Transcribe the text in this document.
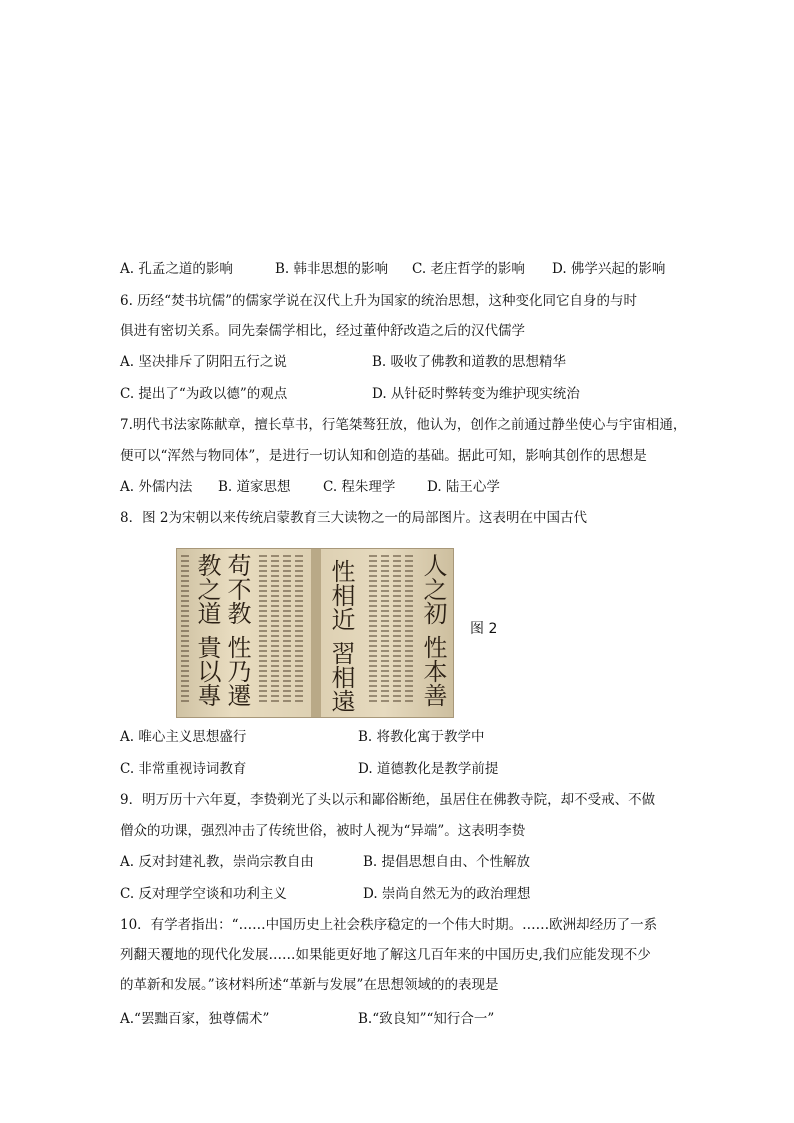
A. 孔孟之道的影响	B. 韩非思想的影响 C. 老庄哲学的影响 D. 佛学兴起的影响
6. 历经“焚书坑儒”的儒家学说在汉代上升为国家的统治思想，这种变化同它自身的与时
俱进有密切关系。同先秦儒学相比，经过董仲舒改造之后的汉代儒学
A. 坚决排斥了阴阳五行之说	B. 吸收了佛教和道教的思想精华
C. 提出了“为政以德”的观点	D. 从针砭时弊转变为维护现实统治
7.明代书法家陈献章，擅长草书，行笔桀骜狂放，他认为，创作之前通过静坐使心与宇宙相通，
便可以“浑然与物同体”，是进行一切认知和创造的基础。据此可知，影响其创作的思想是
A. 外儒内法 B. 道家思想 C. 程朱理学 D. 陆王心学
8．图 2为宋朝以来传统启蒙教育三大读物之一的局部图片。这表明在中国古代
人之初
性本善
性相近
習相遠
苟不教
性乃遷
教之道
貴以專
图 2
A. 唯心主义思想盛行	B. 将教化寓于教学中
C. 非常重视诗词教育	D. 道德教化是教学前提
9．明万历十六年夏，李贽剃光了头以示和鄙俗断绝，虽居住在佛教寺院，却不受戒、不做
僧众的功课，强烈冲击了传统世俗，被时人视为“异端”。这表明李贽
A. 反对封建礼教，崇尚宗教自由	B. 提倡思想自由、个性解放
C. 反对理学空谈和功利主义	D. 崇尚自然无为的政治理想
10．有学者指出：“……中国历史上社会秩序稳定的一个伟大时期。……欧洲却经历了一系
列翻天覆地的现代化发展……如果能更好地了解这几百年来的中国历史,我们应能发现不少
的革新和发展。”该材料所述“革新与发展”在思想领域的的表现是
A.“罢黜百家，独尊儒术”	B.“致良知”“知行合一”
